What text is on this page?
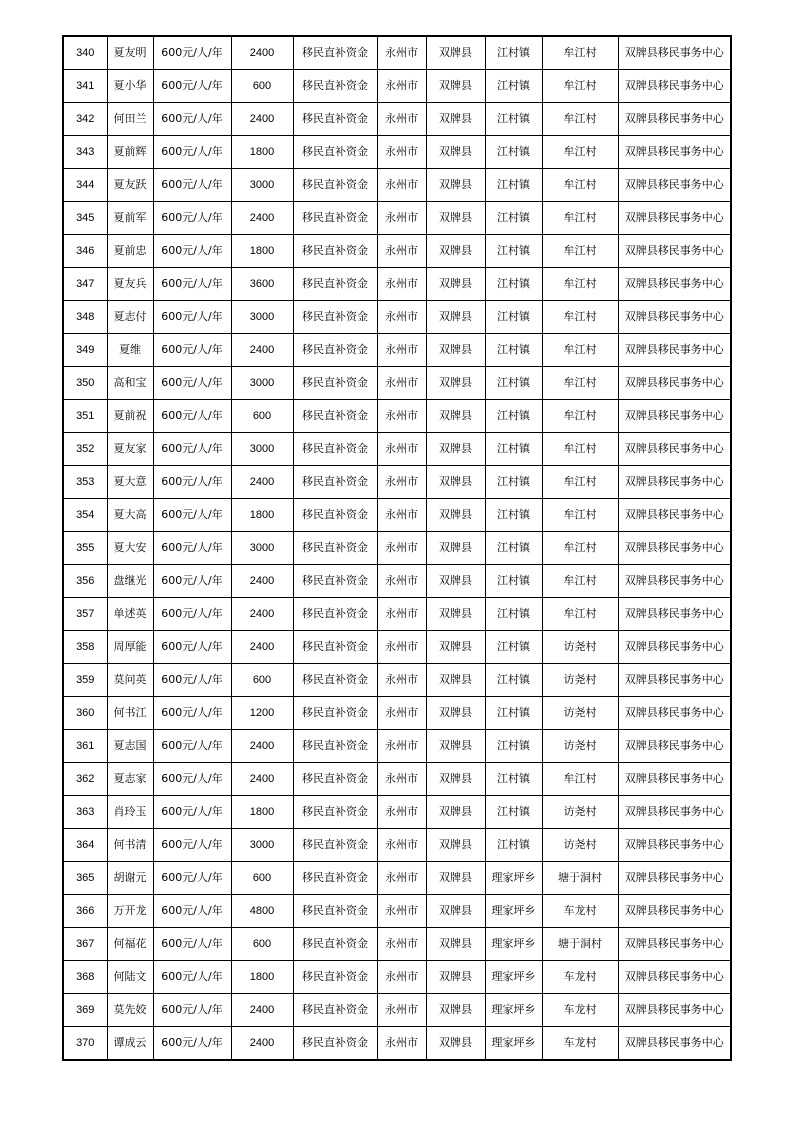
340	夏友明	600元/人/年	2400	移民直补资金	永州市	双牌县	江村镇	牟江村	双牌县移民事务中心
341	夏小华	600元/人/年	600	移民直补资金	永州市	双牌县	江村镇	牟江村	双牌县移民事务中心
342	何田兰	600元/人/年	2400	移民直补资金	永州市	双牌县	江村镇	牟江村	双牌县移民事务中心
343	夏前辉	600元/人/年	1800	移民直补资金	永州市	双牌县	江村镇	牟江村	双牌县移民事务中心
344	夏友跃	600元/人/年	3000	移民直补资金	永州市	双牌县	江村镇	牟江村	双牌县移民事务中心
345	夏前军	600元/人/年	2400	移民直补资金	永州市	双牌县	江村镇	牟江村	双牌县移民事务中心
346	夏前忠	600元/人/年	1800	移民直补资金	永州市	双牌县	江村镇	牟江村	双牌县移民事务中心
347	夏友兵	600元/人/年	3600	移民直补资金	永州市	双牌县	江村镇	牟江村	双牌县移民事务中心
348	夏志付	600元/人/年	3000	移民直补资金	永州市	双牌县	江村镇	牟江村	双牌县移民事务中心
349	夏维	600元/人/年	2400	移民直补资金	永州市	双牌县	江村镇	牟江村	双牌县移民事务中心
350	高和宝	600元/人/年	3000	移民直补资金	永州市	双牌县	江村镇	牟江村	双牌县移民事务中心
351	夏前祝	600元/人/年	600	移民直补资金	永州市	双牌县	江村镇	牟江村	双牌县移民事务中心
352	夏友家	600元/人/年	3000	移民直补资金	永州市	双牌县	江村镇	牟江村	双牌县移民事务中心
353	夏大意	600元/人/年	2400	移民直补资金	永州市	双牌县	江村镇	牟江村	双牌县移民事务中心
354	夏大高	600元/人/年	1800	移民直补资金	永州市	双牌县	江村镇	牟江村	双牌县移民事务中心
355	夏大安	600元/人/年	3000	移民直补资金	永州市	双牌县	江村镇	牟江村	双牌县移民事务中心
356	盘继光	600元/人/年	2400	移民直补资金	永州市	双牌县	江村镇	牟江村	双牌县移民事务中心
357	单述英	600元/人/年	2400	移民直补资金	永州市	双牌县	江村镇	牟江村	双牌县移民事务中心
358	周厚能	600元/人/年	2400	移民直补资金	永州市	双牌县	江村镇	访尧村	双牌县移民事务中心
359	莫问英	600元/人/年	600	移民直补资金	永州市	双牌县	江村镇	访尧村	双牌县移民事务中心
360	何书江	600元/人/年	1200	移民直补资金	永州市	双牌县	江村镇	访尧村	双牌县移民事务中心
361	夏志国	600元/人/年	2400	移民直补资金	永州市	双牌县	江村镇	访尧村	双牌县移民事务中心
362	夏志家	600元/人/年	2400	移民直补资金	永州市	双牌县	江村镇	牟江村	双牌县移民事务中心
363	肖玲玉	600元/人/年	1800	移民直补资金	永州市	双牌县	江村镇	访尧村	双牌县移民事务中心
364	何书清	600元/人/年	3000	移民直补资金	永州市	双牌县	江村镇	访尧村	双牌县移民事务中心
365	胡谢元	600元/人/年	600	移民直补资金	永州市	双牌县	理家坪乡	塘于洞村	双牌县移民事务中心
366	万开龙	600元/人/年	4800	移民直补资金	永州市	双牌县	理家坪乡	车龙村	双牌县移民事务中心
367	何福花	600元/人/年	600	移民直补资金	永州市	双牌县	理家坪乡	塘于洞村	双牌县移民事务中心
368	何陆文	600元/人/年	1800	移民直补资金	永州市	双牌县	理家坪乡	车龙村	双牌县移民事务中心
369	莫先姣	600元/人/年	2400	移民直补资金	永州市	双牌县	理家坪乡	车龙村	双牌县移民事务中心
370	谭成云	600元/人/年	2400	移民直补资金	永州市	双牌县	理家坪乡	车龙村	双牌县移民事务中心
